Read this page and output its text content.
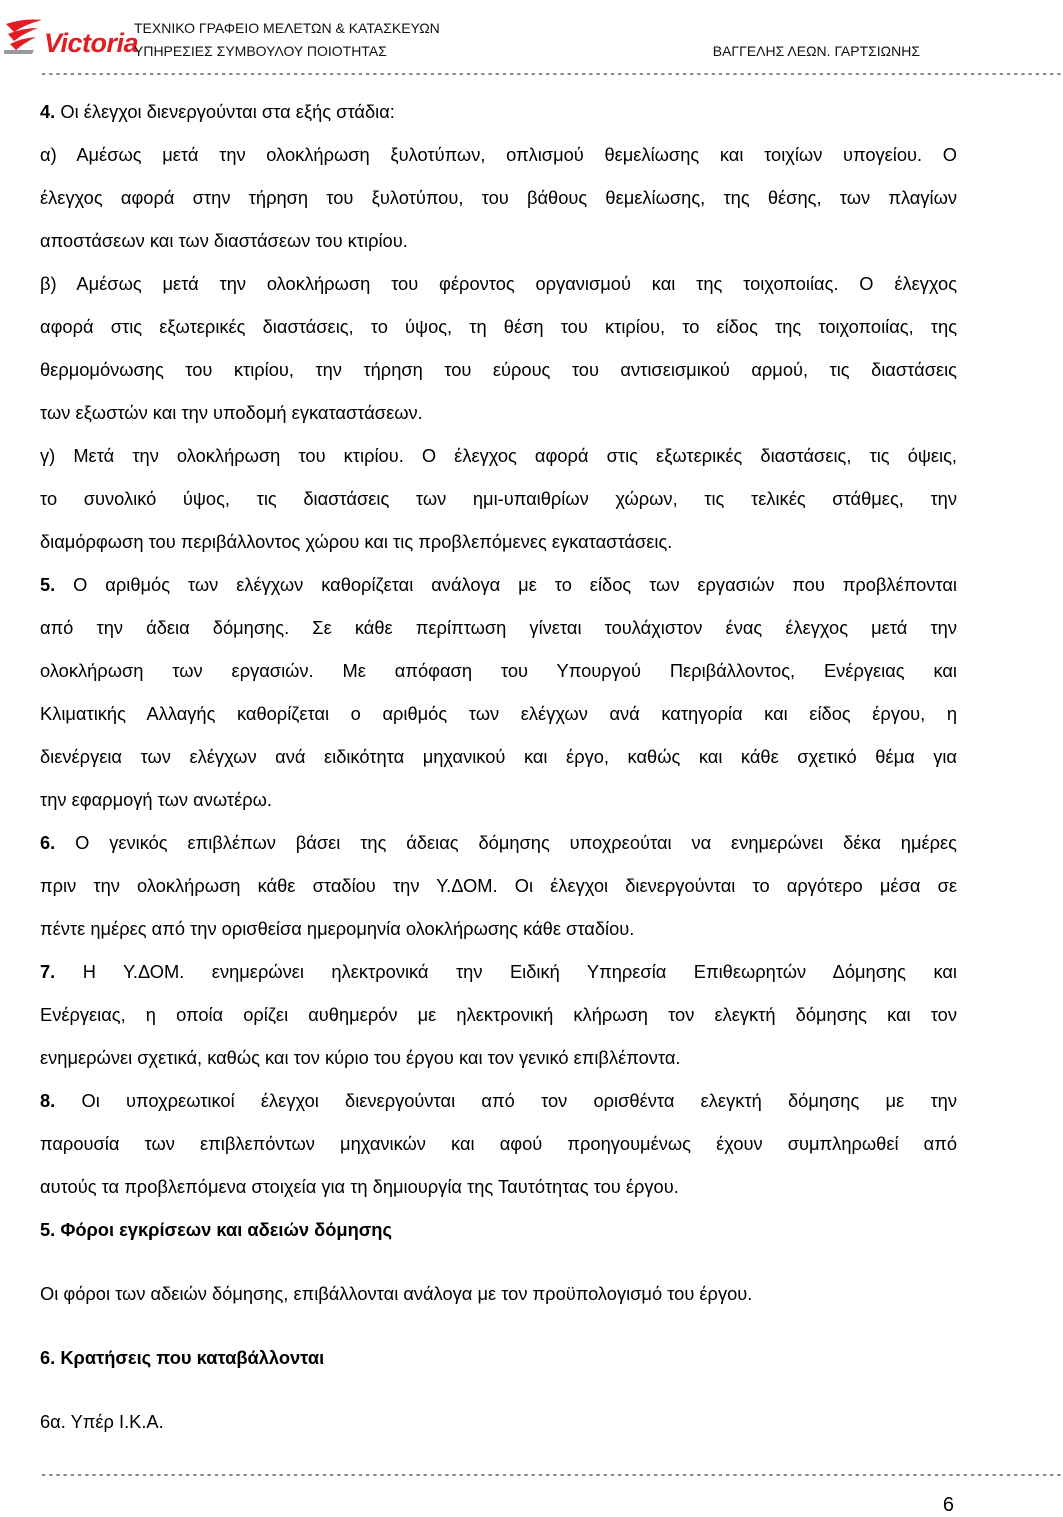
Victoria
ΤΕΧΝΙΚΟ ΓΡΑΦΕΙΟ ΜΕΛΕΤΩΝ & ΚΑΤΑΣΚΕΥΩΝ
ΥΠΗΡΕΣΙΕΣ ΣΥΜΒΟΥΛΟΥ ΠΟΙΟΤΗΤΑΣ	ΒΑΓΓΕΛΗΣ ΛΕΩΝ. ΓΑΡΤΣΙΩΝΗΣ
----------------------------------------------------------------------------------------------------------------------------------------------
4. Οι έλεγχοι διενεργούνται στα εξής στάδια:
α) Αμέσως μετά την ολοκλήρωση ξυλοτύπων, οπλισμού θεμελίωσης και τοιχίων υπογείου. Ο
έλεγχος αφορά στην τήρηση του ξυλοτύπου, του βάθους θεμελίωσης, της θέσης, των πλαγίων
αποστάσεων και των διαστάσεων του κτιρίου.
β) Αμέσως μετά την ολοκλήρωση του φέροντος οργανισμού και της τοιχοποιίας. Ο έλεγχος
αφορά στις εξωτερικές διαστάσεις, το ύψος, τη θέση του κτιρίου, το είδος της τοιχοποιίας, της
θερμομόνωσης του κτιρίου, την τήρηση του εύρους του αντισεισμικού αρμού, τις διαστάσεις
των εξωστών και την υποδομή εγκαταστάσεων.
γ) Μετά την ολοκλήρωση του κτιρίου. Ο έλεγχος αφορά στις εξωτερικές διαστάσεις, τις όψεις,
το συνολικό ύψος, τις διαστάσεις των ημι-υπαιθρίων χώρων, τις τελικές στάθμες, την
διαμόρφωση του περιβάλλοντος χώρου και τις προβλεπόμενες εγκαταστάσεις.
5. Ο αριθμός των ελέγχων καθορίζεται ανάλογα με το είδος των εργασιών που προβλέπονται
από την άδεια δόμησης. Σε κάθε περίπτωση γίνεται τουλάχιστον ένας έλεγχος μετά την
ολοκλήρωση των εργασιών. Με απόφαση του Υπουργού Περιβάλλοντος, Ενέργειας και
Κλιματικής Αλλαγής καθορίζεται ο αριθμός των ελέγχων ανά κατηγορία και είδος έργου, η
διενέργεια των ελέγχων ανά ειδικότητα μηχανικού και έργο, καθώς και κάθε σχετικό θέμα για
την εφαρμογή των ανωτέρω.
6. Ο γενικός επιβλέπων βάσει της άδειας δόμησης υποχρεούται να ενημερώνει δέκα ημέρες
πριν την ολοκλήρωση κάθε σταδίου την Υ.ΔΟΜ. Οι έλεγχοι διενεργούνται το αργότερο μέσα σε
πέντε ημέρες από την ορισθείσα ημερομηνία ολοκλήρωσης κάθε σταδίου.
7. Η Υ.ΔΟΜ. ενημερώνει ηλεκτρονικά την Ειδική Υπηρεσία Επιθεωρητών Δόμησης και
Ενέργειας, η οποία ορίζει αυθημερόν με ηλεκτρονική κλήρωση τον ελεγκτή δόμησης και τον
ενημερώνει σχετικά, καθώς και τον κύριο του έργου και τον γενικό επιβλέποντα.
8. Οι υποχρεωτικοί έλεγχοι διενεργούνται από τον ορισθέντα ελεγκτή δόμησης με την
παρουσία των επιβλεπόντων μηχανικών και αφού προηγουμένως έχουν συμπληρωθεί από
αυτούς τα προβλεπόμενα στοιχεία για τη δημιουργία της Ταυτότητας του έργου.
5. Φόροι εγκρίσεων και αδειών δόμησης
Οι φόροι των αδειών δόμησης, επιβάλλονται ανάλογα με τον προϋπολογισμό του έργου.
6. Κρατήσεις που καταβάλλονται
6α. Υπέρ Ι.Κ.Α.
----------------------------------------------------------------------------------------------------------------------------------------------
6
